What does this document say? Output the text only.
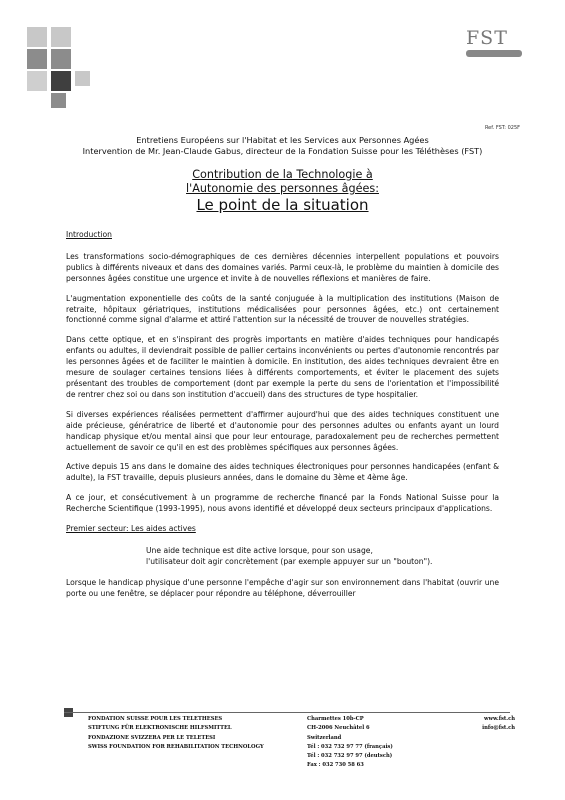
FST
Ref. FST: 025F
Entretiens Européens sur l'Habitat et les Services aux Personnes Agées
Intervention de Mr. Jean-Claude Gabus, directeur de la Fondation Suisse pour les Téléthèses (FST)
Contribution de la Technologie à
l'Autonomie des personnes âgées:
Le point de la situation

Introduction

Les transformations socio-démographiques de ces dernières décennies interpellent populations et pouvoirs publics à différents niveaux et dans des domaines variés. Parmi ceux-là, le problème du maintien à domicile des personnes âgées constitue une urgence et invite à de nouvelles réflexions et manières de faire.

L'augmentation exponentielle des coûts de la santé conjuguée à la multiplication des institutions (Maison de retraite, hôpitaux gériatriques, institutions médicalisées pour personnes âgées, etc.) ont certainement fonctionné comme signal d'alarme et attiré l'attention sur la nécessité de trouver de nouvelles stratégies.

Dans cette optique, et en s'inspirant des progrès importants en matière d'aides techniques pour handicapés enfants ou adultes, il deviendrait possible de pallier certains inconvénients ou pertes d'autonomie rencontrés par les personnes âgées et de faciliter le maintien à domicile. En institution, des aides techniques devraient être en mesure de soulager certaines tensions liées à différents comportements, et éviter le placement des sujets présentant des troubles de comportement (dont par exemple la perte du sens de l'orientation et l'impossibilité de rentrer chez soi ou dans son institution d'accueil) dans des structures de type hospitalier.

Si diverses expériences réalisées permettent d'affirmer aujourd'hui que des aides techniques constituent une aide précieuse, génératrice de liberté et d'autonomie pour des personnes adultes ou enfants ayant un lourd handicap physique et/ou mental ainsi que pour leur entourage, paradoxalement peu de recherches permettent actuellement de savoir ce qu'il en est des problèmes spécifiques aux personnes âgées.

Active depuis 15 ans dans le domaine des aides techniques électroniques pour personnes handicapées (enfant & adulte), la FST travaille, depuis plusieurs années, dans le domaine du 3ème et 4ème âge.

A ce jour, et consécutivement à un programme de recherche financé par la Fonds National Suisse pour la Recherche Scientifique (1993-1995), nous avons identifié et développé deux secteurs principaux d'applications.

Premier secteur: Les aides actives

Une aide technique est dite active lorsque, pour son usage,
l'utilisateur doit agir concrètement (par exemple appuyer sur un "bouton").

Lorsque le handicap physique d'une personne l'empêche d'agir sur son environnement dans l'habitat (ouvrir une porte ou une fenêtre, se déplacer pour répondre au téléphone, déverrouiller

FONDATION SUISSE POUR LES TELETHESES
STIFTUNG FÜR ELEKTRONISCHE HILFSMITTEL
FONDAZIONE SVIZZERA PER LE TELETESI
SWISS FOUNDATION FOR REHABILITATION TECHNOLOGY
Charmettes 10b-CP
CH-2006 Neuchâtel 6
Switzerland
Tél : 032 732 97 77 (français)
Tél : 032 732 97 97 (deutsch)
Fax : 032 730 58 63
www.fst.ch
info@fst.ch
